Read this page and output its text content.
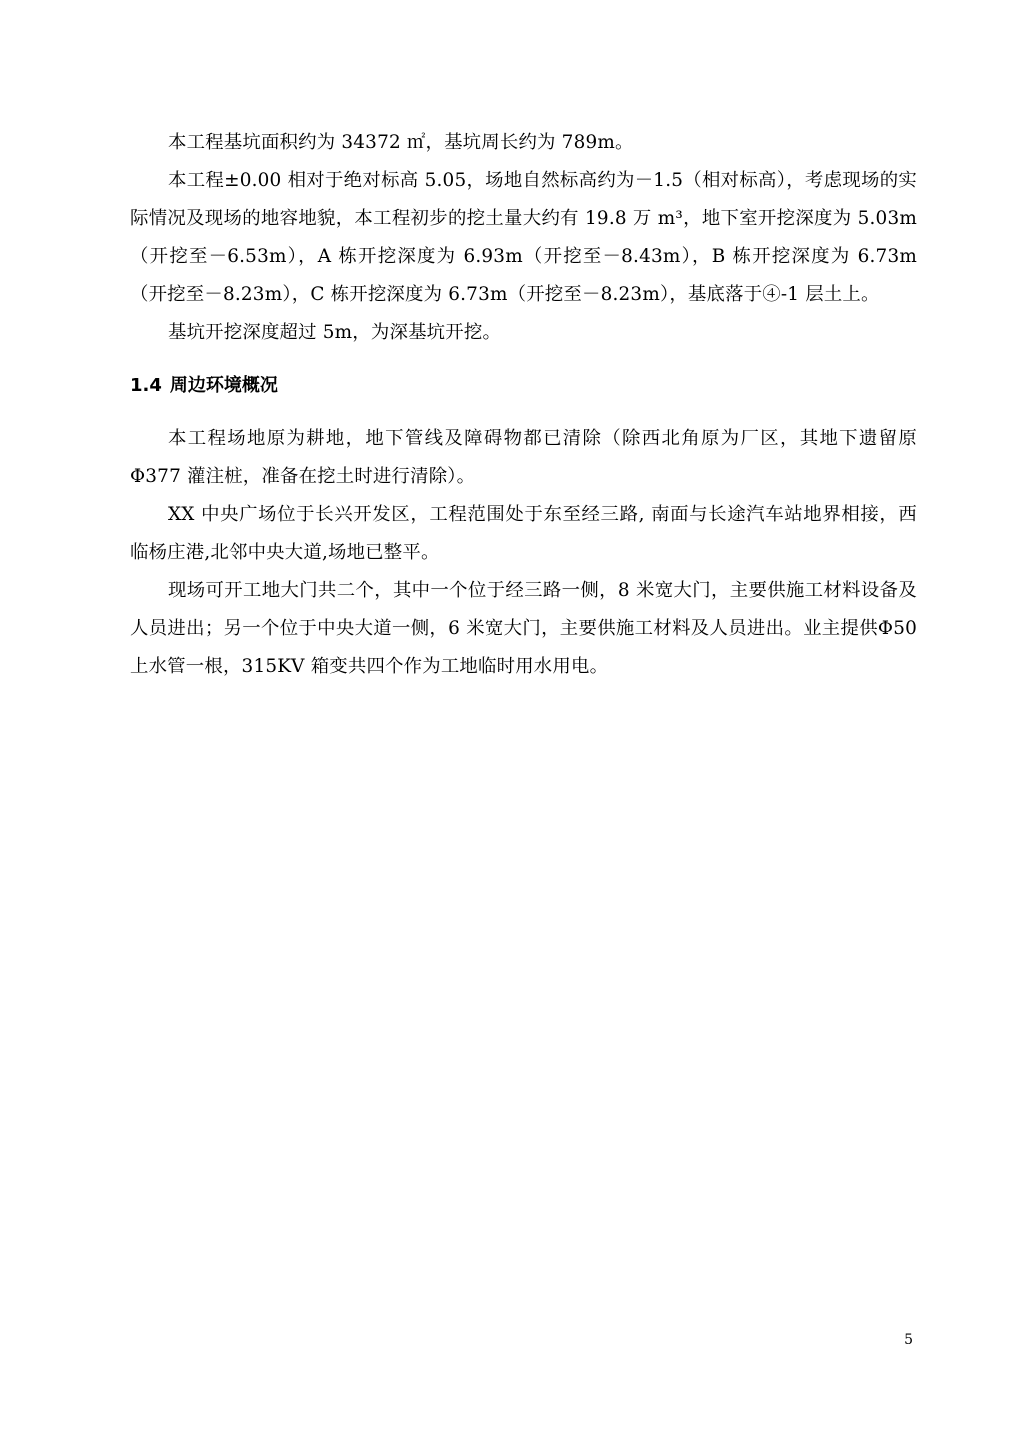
本工程基坑面积约为 34372 ㎡，基坑周长约为 789m。

本工程±0.00 相对于绝对标高 5.05，场地自然标高约为－1.5（相对标高），考虑现场的实际情况及现场的地容地貌，本工程初步的挖土量大约有 19.8 万 m³，地下室开挖深度为 5.03m（开挖至－6.53m），A 栋开挖深度为 6.93m（开挖至－8.43m），B 栋开挖深度为 6.73m（开挖至－8.23m），C 栋开挖深度为 6.73m（开挖至－8.23m），基底落于④-1 层土上。

基坑开挖深度超过 5m，为深基坑开挖。

1.4 周边环境概况

本工程场地原为耕地，地下管线及障碍物都已清除（除西北角原为厂区，其地下遗留原Φ377 灌注桩，准备在挖土时进行清除）。

XX 中央广场位于长兴开发区，工程范围处于东至经三路, 南面与长途汽车站地界相接，西临杨庄港,北邻中央大道,场地已整平。

现场可开工地大门共二个，其中一个位于经三路一侧，8 米宽大门，主要供施工材料设备及人员进出；另一个位于中央大道一侧，6 米宽大门，主要供施工材料及人员进出。业主提供Φ50 上水管一根，315KV 箱变共四个作为工地临时用水用电。

5
